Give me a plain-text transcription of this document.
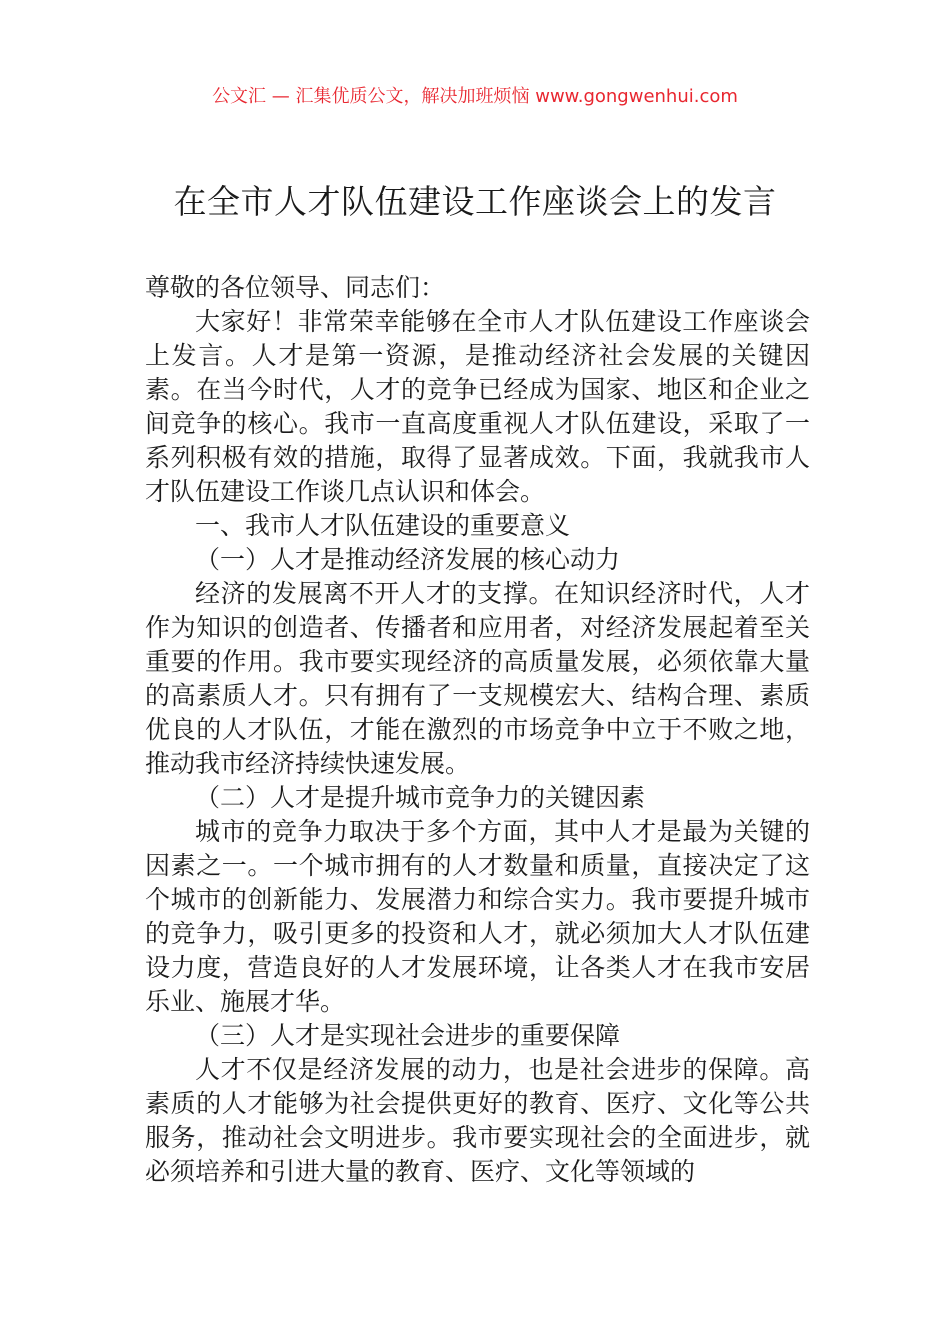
公文汇 — 汇集优质公文，解决加班烦恼 www.gongwenhui.com
在全市人才队伍建设工作座谈会上的发言

尊敬的各位领导、同志们：

大家好！非常荣幸能够在全市人才队伍建设工作座谈会上发言。人才是第一资源，是推动经济社会发展的关键因素。在当今时代，人才的竞争已经成为国家、地区和企业之间竞争的核心。我市一直高度重视人才队伍建设，采取了一系列积极有效的措施，取得了显著成效。下面，我就我市人才队伍建设工作谈几点认识和体会。

一、我市人才队伍建设的重要意义

（一）人才是推动经济发展的核心动力

经济的发展离不开人才的支撑。在知识经济时代，人才作为知识的创造者、传播者和应用者，对经济发展起着至关重要的作用。我市要实现经济的高质量发展，必须依靠大量的高素质人才。只有拥有了一支规模宏大、结构合理、素质优良的人才队伍，才能在激烈的市场竞争中立于不败之地，推动我市经济持续快速发展。

（二）人才是提升城市竞争力的关键因素

城市的竞争力取决于多个方面，其中人才是最为关键的因素之一。一个城市拥有的人才数量和质量，直接决定了这个城市的创新能力、发展潜力和综合实力。我市要提升城市的竞争力，吸引更多的投资和人才，就必须加大人才队伍建设力度，营造良好的人才发展环境，让各类人才在我市安居乐业、施展才华。

（三）人才是实现社会进步的重要保障

人才不仅是经济发展的动力，也是社会进步的保障。高素质的人才能够为社会提供更好的教育、医疗、文化等公共服务，推动社会文明进步。我市要实现社会的全面进步，就必须培养和引进大量的教育、医疗、文化等领域的
